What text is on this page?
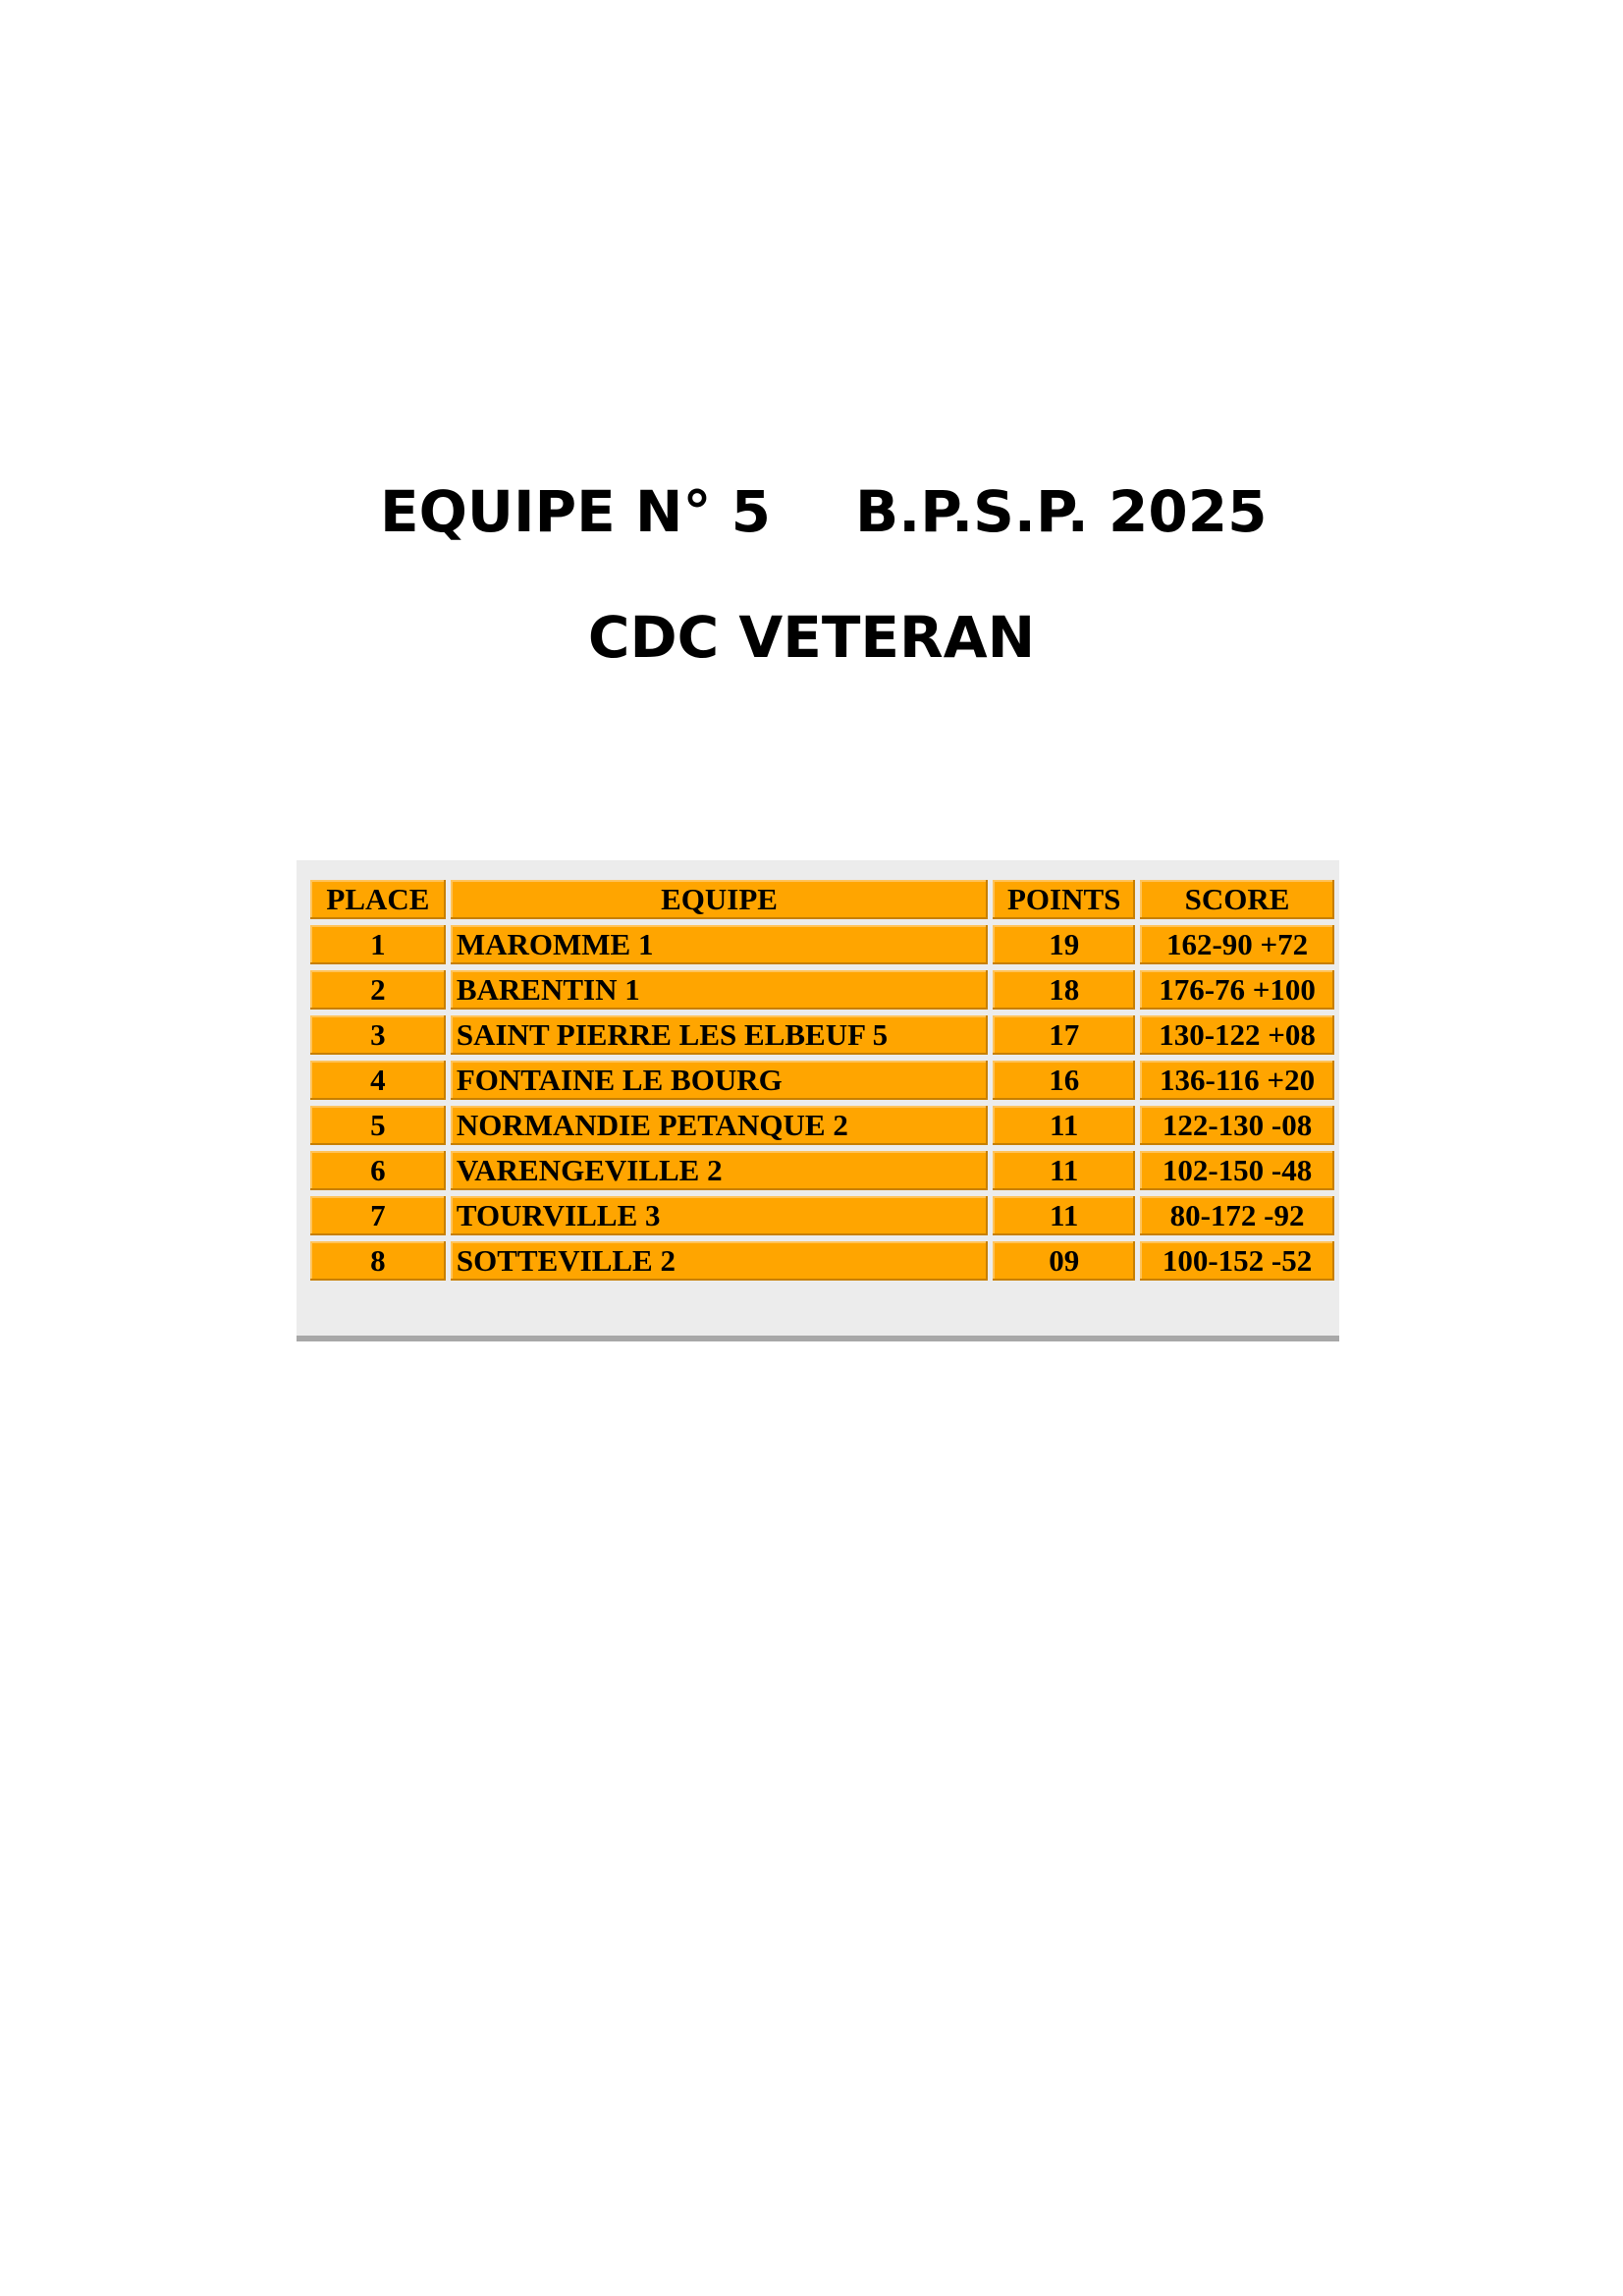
EQUIPE N° 5 B.P.S.P. 2025
CDC VETERAN
PLACE	EQUIPE	POINTS	SCORE
1	MAROMME 1	19	162-90 +72
2	BARENTIN 1	18	176-76 +100
3	SAINT PIERRE LES ELBEUF 5	17	130-122 +08
4	FONTAINE LE BOURG	16	136-116 +20
5	NORMANDIE PETANQUE 2	11	122-130 -08
6	VARENGEVILLE 2	11	102-150 -48
7	TOURVILLE 3	11	80-172 -92
8	SOTTEVILLE 2	09	100-152 -52
